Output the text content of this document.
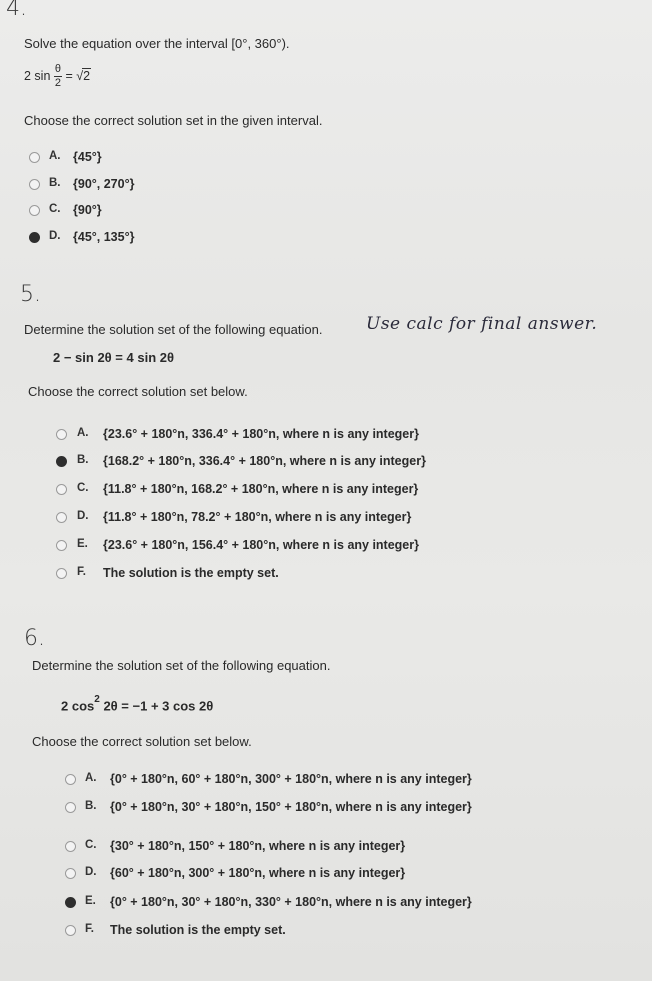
4.
Solve the equation over the interval [0°, 360°).
2 $\sin \frac{\theta}{2} = √2$
Choose the correct solution set in the given interval.
A. {45°}
B. {90°, 270°}
C. {90°}
D. {45°, 135°}
5.
Determine the solution set of the following equation.	Use calc for final answer.
2 − sin 2θ = 4 sin 2θ
Choose the correct solution set below.
A. {23.6° + 180°n, 336.4° + 180°n, where n is any integer}
B. {168.2° + 180°n, 336.4° + 180°n, where n is any integer}
C. {11.8° + 180°n, 168.2° + 180°n, where n is any integer}
D. {11.8° + 180°n, 78.2° + 180°n, where n is any integer}
E. {23.6° + 180°n, 156.4° + 180°n, where n is any integer}
F. The solution is the empty set.
6.
Determine the solution set of the following equation.
2 $\cos^2 2\theta = -1 + 3$ cos 2θ
Choose the correct solution set below.
A. {0° + 180°n, 60° + 180°n, 300° + 180°n, where n is any integer}
B. {0° + 180°n, 30° + 180°n, 150° + 180°n, where n is any integer}
C. {30° + 180°n, 150° + 180°n, where n is any integer}
D. {60° + 180°n, 300° + 180°n, where n is any integer}
E. {0° + 180°n, 30° + 180°n, 330° + 180°n, where n is any integer}
F. The solution is the empty set.
